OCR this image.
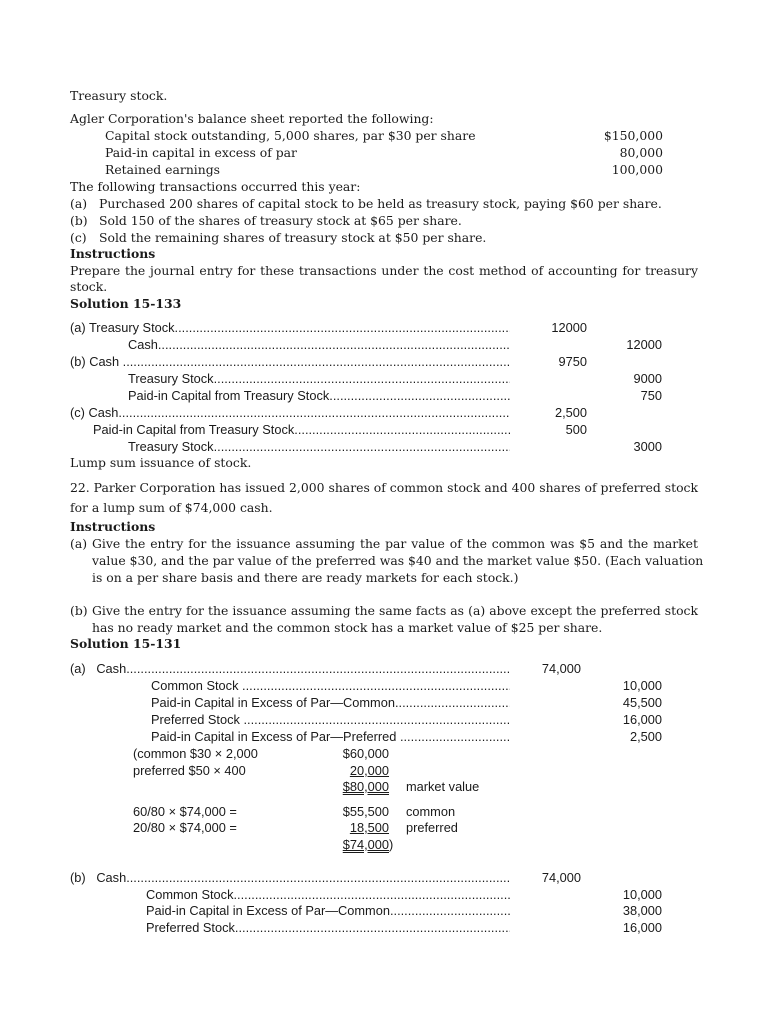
Treasury stock.
Agler Corporation's balance sheet reported the following:
Capital stock outstanding, 5,000 shares, par $30 per share	$150,000
Paid-in capital in excess of par	80,000
Retained earnings	100,000
The following transactions occurred this year:
(a) Purchased 200 shares of capital stock to be held as treasury stock, paying $60 per share.
(b) Sold 150 of the shares of treasury stock at $65 per share.
(c) Sold the remaining shares of treasury stock at $50 per share.
Instructions
Prepare the journal entry for these transactions under the cost method of accounting for treasury
stock.
Solution 15-133
(a) Treasury Stock .....	12000
Cash .....	12000
(b) Cash .....	9750
Treasury Stock .....	9000
Paid-in Capital from Treasury Stock .....	750
(c) Cash .....	2,500
Paid-in Capital from Treasury Stock .....	500
Treasury Stock .....	3000
Lump sum issuance of stock.
22. Parker Corporation has issued 2,000 shares of common stock and 400 shares of preferred stock
for a lump sum of $74,000 cash.
Instructions
(a) Give the entry for the issuance assuming the par value of the common was $5 and the market
value $30, and the par value of the preferred was $40 and the market value $50. (Each valuation
is on a per share basis and there are ready markets for each stock.)
(b) Give the entry for the issuance assuming the same facts as (a) above except the preferred stock
has no ready market and the common stock has a market value of $25 per share.
Solution 15-131
(a)   Cash .....	74,000
Common Stock .....	10,000
Paid-in Capital in Excess of Par—Common .....	45,500
Preferred Stock .....	16,000
Paid-in Capital in Excess of Par—Preferred .....	2,500
(common $30 × 2,000	$60,000
preferred $50 × 400	20,000
$80,000 market value
60/80 × $74,000 =	$55,500 common
20/80 × $74,000 =	18,500 preferred
$74,000 )
(b)   Cash .....	74,000
Common Stock .....	10,000
Paid-in Capital in Excess of Par—Common .....	38,000
Preferred Stock .....	16,000
